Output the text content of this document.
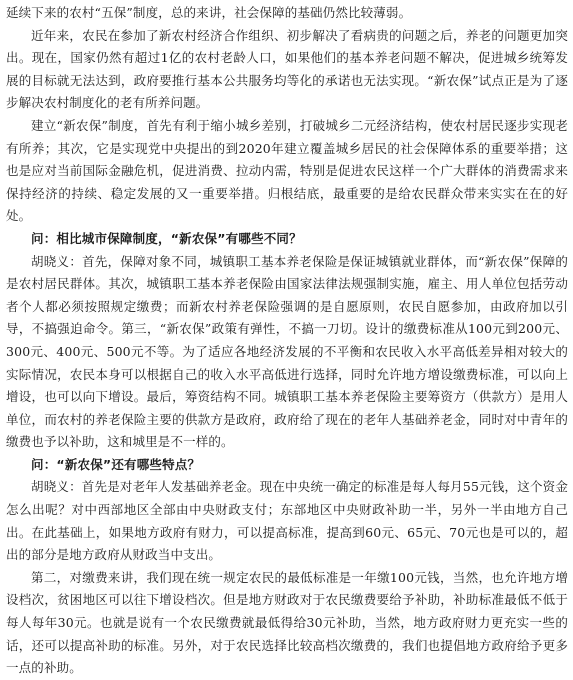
延续下来的农村“五保”制度，总的来讲，社会保障的基础仍然比较薄弱。

近年来，农民在参加了新农村经济合作组织、初步解决了看病贵的问题之后，养老的问题更加突出。现在，国家仍然有超过1亿的农村老龄人口，如果他们的基本养老问题不解决，促进城乡统筹发展的目标就无法达到，政府要推行基本公共服务均等化的承诺也无法实现。“新农保”试点正是为了逐步解决农村制度化的老有所养问题。

建立“新农保”制度，首先有利于缩小城乡差别，打破城乡二元经济结构，使农村居民逐步实现老有所养；其次，它是实现党中央提出的到2020年建立覆盖城乡居民的社会保障体系的重要举措；这也是应对当前国际金融危机，促进消费、拉动内需，特别是促进农民这样一个广大群体的消费需求来保持经济的持续、稳定发展的又一重要举措。归根结底，最重要的是给农民群众带来实实在在的好处。

问：相比城市保障制度，“新农保”有哪些不同？

胡晓义：首先，保障对象不同，城镇职工基本养老保险是保证城镇就业群体，而“新农保”保障的是农村居民群体。其次，城镇职工基本养老保险由国家法律法规强制实施，雇主、用人单位包括劳动者个人都必须按照规定缴费；而新农村养老保险强调的是自愿原则，农民自愿参加，由政府加以引导，不搞强迫命令。第三，“新农保”政策有弹性，不搞一刀切。设计的缴费标准从100元到200元、300元、400元、500元不等。为了适应各地经济发展的不平衡和农民收入水平高低差异相对较大的实际情况，农民本身可以根据自己的收入水平高低进行选择，同时允许地方增设缴费标准，可以向上增设，也可以向下增设。最后，筹资结构不同。城镇职工基本养老保险主要筹资方（供款方）是用人单位，而农村的养老保险主要的供款方是政府，政府给了现在的老年人基础养老金，同时对中青年的缴费也予以补助，这和城里是不一样的。

问：“新农保”还有哪些特点？

胡晓义：首先是对老年人发基础养老金。现在中央统一确定的标准是每人每月55元钱，这个资金怎么出呢？对中西部地区全部由中央财政支付；东部地区中央财政补助一半，另外一半由地方自己出。在此基础上，如果地方政府有财力，可以提高标准，提高到60元、65元、70元也是可以的，超出的部分是地方政府从财政当中支出。

第二，对缴费来讲，我们现在统一规定农民的最低标准是一年缴100元钱，当然，也允许地方增设档次，贫困地区可以往下增设档次。但是地方财政对于农民缴费要给予补助，补助标准最低不低于每人每年30元。也就是说有一个农民缴费就最低得给30元补助，当然，地方政府财力更充实一些的话，还可以提高补助的标准。另外，对于农民选择比较高档次缴费的，我们也提倡地方政府给予更多一点的补助。
